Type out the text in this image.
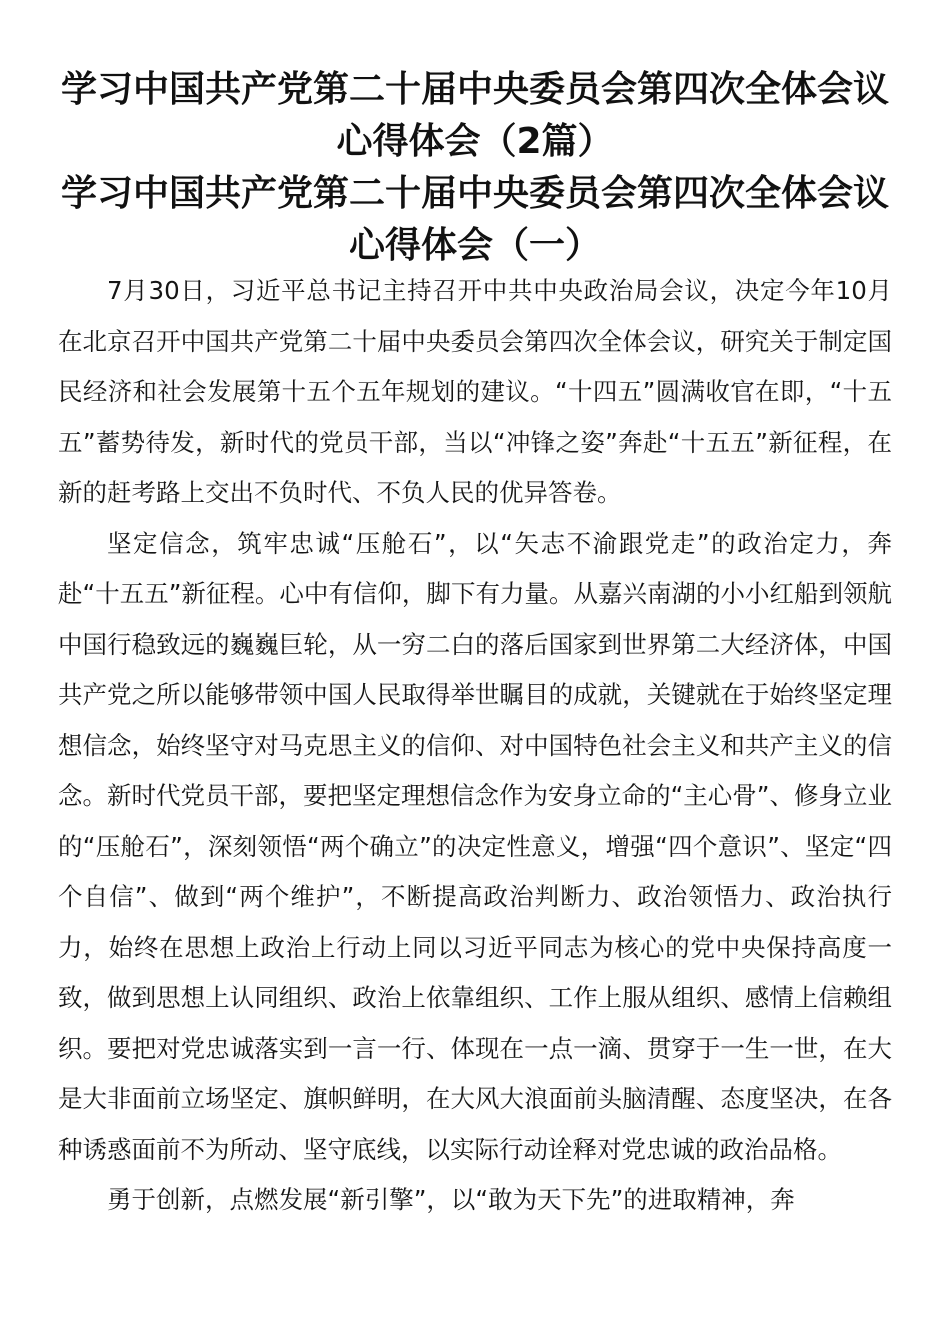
学习中国共产党第二十届中央委员会第四次全体会议
心得体会（2篇）
学习中国共产党第二十届中央委员会第四次全体会议
心得体会（一）

7月30日，习近平总书记主持召开中共中央政治局会议，决定今年10月在北京召开中国共产党第二十届中央委员会第四次全体会议，研究关于制定国民经济和社会发展第十五个五年规划的建议。“十四五”圆满收官在即，“十五五”蓄势待发，新时代的党员干部，当以“冲锋之姿”奔赴“十五五”新征程，在新的赶考路上交出不负时代、不负人民的优异答卷。

坚定信念，筑牢忠诚“压舱石”，以“矢志不渝跟党走”的政治定力，奔赴“十五五”新征程。心中有信仰，脚下有力量。从嘉兴南湖的小小红船到领航中国行稳致远的巍巍巨轮，从一穷二白的落后国家到世界第二大经济体，中国共产党之所以能够带领中国人民取得举世瞩目的成就，关键就在于始终坚定理想信念，始终坚守对马克思主义的信仰、对中国特色社会主义和共产主义的信念。新时代党员干部，要把坚定理想信念作为安身立命的“主心骨”、修身立业的“压舱石”，深刻领悟“两个确立”的决定性意义，增强“四个意识”、坚定“四个自信”、做到“两个维护”，不断提高政治判断力、政治领悟力、政治执行力，始终在思想上政治上行动上同以习近平同志为核心的党中央保持高度一致，做到思想上认同组织、政治上依靠组织、工作上服从组织、感情上信赖组织。要把对党忠诚落实到一言一行、体现在一点一滴、贯穿于一生一世，在大是大非面前立场坚定、旗帜鲜明，在大风大浪面前头脑清醒、态度坚决，在各种诱惑面前不为所动、坚守底线，以实际行动诠释对党忠诚的政治品格。

勇于创新，点燃发展“新引擎”，以“敢为天下先”的进取精神，奔
